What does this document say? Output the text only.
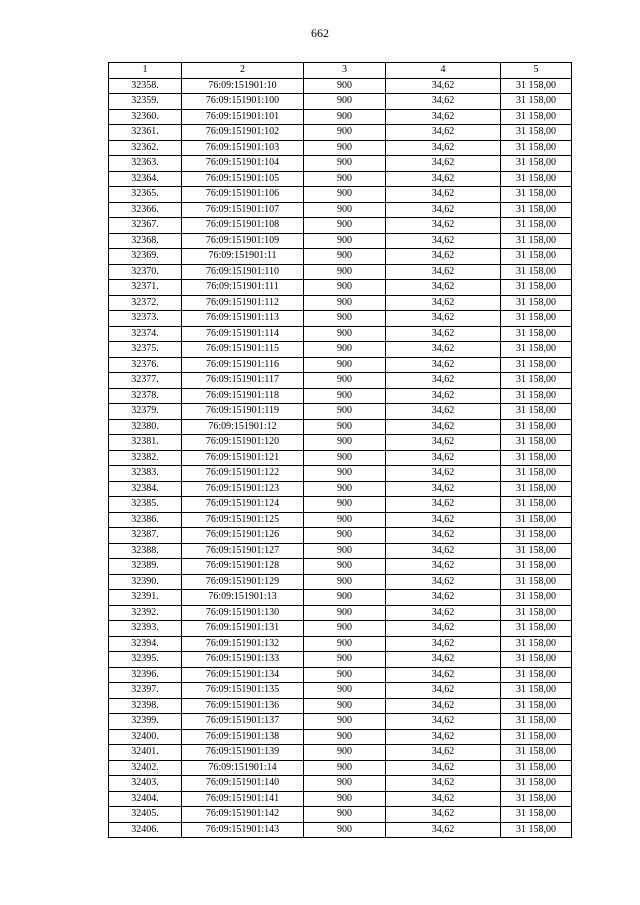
662
1	2	3	4	5
32358.	76:09:151901:10	900	34,62	31 158,00
32359.	76:09:151901:100	900	34,62	31 158,00
32360.	76:09:151901:101	900	34,62	31 158,00
32361.	76:09:151901:102	900	34,62	31 158,00
32362.	76:09:151901:103	900	34,62	31 158,00
32363.	76:09:151901:104	900	34,62	31 158,00
32364.	76:09:151901:105	900	34,62	31 158,00
32365.	76:09:151901:106	900	34,62	31 158,00
32366.	76:09:151901:107	900	34,62	31 158,00
32367.	76:09:151901:108	900	34,62	31 158,00
32368.	76:09:151901:109	900	34,62	31 158,00
32369.	76:09:151901:11	900	34,62	31 158,00
32370.	76:09:151901:110	900	34,62	31 158,00
32371.	76:09:151901:111	900	34,62	31 158,00
32372.	76:09:151901:112	900	34,62	31 158,00
32373.	76:09:151901:113	900	34,62	31 158,00
32374.	76:09:151901:114	900	34,62	31 158,00
32375.	76:09:151901:115	900	34,62	31 158,00
32376.	76:09:151901:116	900	34,62	31 158,00
32377.	76:09:151901:117	900	34,62	31 158,00
32378.	76:09:151901:118	900	34,62	31 158,00
32379.	76:09:151901:119	900	34,62	31 158,00
32380.	76:09:151901:12	900	34,62	31 158,00
32381.	76:09:151901:120	900	34,62	31 158,00
32382.	76:09:151901:121	900	34,62	31 158,00
32383.	76:09:151901:122	900	34,62	31 158,00
32384.	76:09:151901:123	900	34,62	31 158,00
32385.	76:09:151901:124	900	34,62	31 158,00
32386.	76:09:151901:125	900	34,62	31 158,00
32387.	76:09:151901:126	900	34,62	31 158,00
32388.	76:09:151901:127	900	34,62	31 158,00
32389.	76:09:151901:128	900	34,62	31 158,00
32390.	76:09:151901:129	900	34,62	31 158,00
32391.	76:09:151901:13	900	34,62	31 158,00
32392.	76:09:151901:130	900	34,62	31 158,00
32393.	76:09:151901:131	900	34,62	31 158,00
32394.	76:09:151901:132	900	34,62	31 158,00
32395.	76:09:151901:133	900	34,62	31 158,00
32396.	76:09:151901:134	900	34,62	31 158,00
32397.	76:09:151901:135	900	34,62	31 158,00
32398.	76:09:151901:136	900	34,62	31 158,00
32399.	76:09:151901:137	900	34,62	31 158,00
32400.	76:09:151901:138	900	34,62	31 158,00
32401.	76:09:151901:139	900	34,62	31 158,00
32402.	76:09:151901:14	900	34,62	31 158,00
32403.	76:09:151901:140	900	34,62	31 158,00
32404.	76:09:151901:141	900	34,62	31 158,00
32405.	76:09:151901:142	900	34,62	31 158,00
32406.	76:09:151901:143	900	34,62	31 158,00
